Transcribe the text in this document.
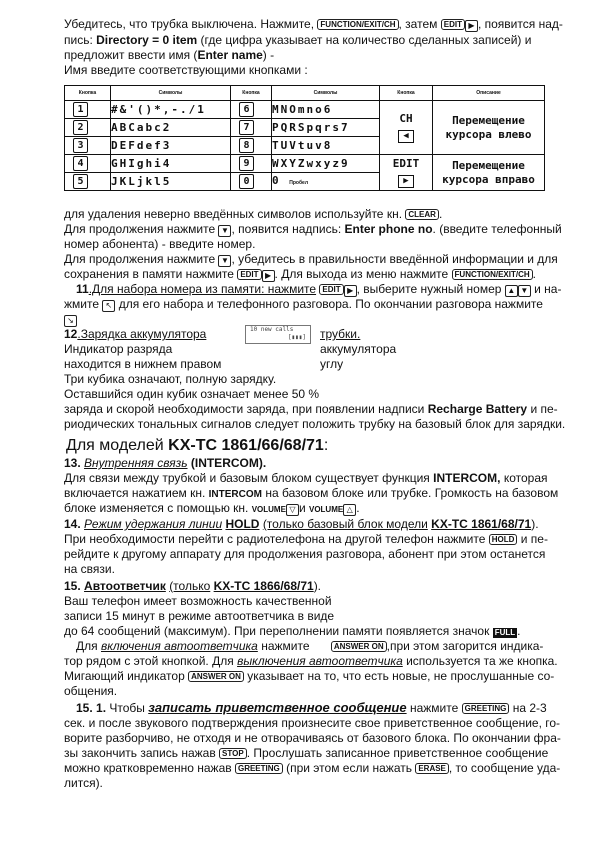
Убедитесь, что трубка выключена. Нажмите, FUNCTION/EXIT/CH , затем EDIT ▶ , появится над-
пись: Directory = 0 item (где цифра указывает на количество сделанных записей) и
предложит ввести имя (Enter name) -
Имя введите соответствующими кнопками :
Кнопка	Символы	Кнопка	Символы	Кнопка	Описание
1	#&'()*,-./1	6	MNOmno6	CH
◀	Перемещение курсора влево
2	ABCabc2	7	PQRSpqrs7		
3	DEFdef3	8	TUVtuv8		
4	GHIghi4	9	WXYZwxyz9	EDIT
▶	Перемещение курсора вправо
5	JKLjkl5	0	0 Пробел		
для удаления неверно введённых символов используйте кн. CLEAR .
Для продолжения нажмите ▼ , появится надпись: Enter phone no. (введите телефонный
номер абонента) - введите номер.
Для продолжения нажмите ▼ , убедитесь в правильности введённой информации и для
сохранения в памяти нажмите EDIT ▶ . Для выхода из меню нажмите FUNCTION/EXIT/CH .
11.Для набора номера из памяти: нажмите EDIT ▶ , выберите нужный номер ▲ ▼ и на-
жмите ↖ для его набора и телефонного разговора. По окончании разговора нажмите
↘
12.Зарядка аккумулятора	трубки.
Индикатор разряда	аккумулятора
10 new calls
[▮▮▮]
находится в нижнем правом	углу
Три кубика означают, полную зарядку.
Оставшийся один кубик означает менее 50 %
заряда и скорой необходимости заряда, при появлении надписи Recharge Battery и пе-
риодических тональных сигналов следует положить трубку на базовый блок для зарядки.
Для моделей KX-TC 1861/66/68/71:
13. Внутренняя связь (INTERCOM).
Для связи между трубкой и базовым блоком существует функция INTERCOM, которая
включается нажатием кн. INTERCOM на базовом блоке или трубке. Громкость на базовом
блоке изменяется с помощью кн. VOLUME ▽ и VOLUME △ .
14. Режим удержания линии HOLD (только базовый блок модели KX-TC 1861/68/71).
При необходимости перейти с радиотелефона на другой телефон нажмите HOLD и пе-
рейдите к другому аппарату для продолжения разговора, абонент при этом останется
на связи.
15. Автоответчик (только KX-TC 1866/68/71).
Ваш телефон имеет возможность качественной
записи 15 минут в режиме автоответчика в виде
до 64 сообщений (максимум). При переполнении памяти появляется значок FULL .
Для включения автоответчика нажмите	ANSWER ON ,при этом загорится индика-
тор рядом с этой кнопкой. Для выключения автоответчика используется та же кнопка.
Мигающий индикатор ANSWER ON указывает на то, что есть новые, не прослушанные со-
общения.
15. 1. Чтобы записать приветственное сообщение нажмите GREETING на 2-3
сек. и после звукового подтверждения произнесите свое приветственное сообщение, го-
ворите разборчиво, не отходя и не отворачиваясь от базового блока. По окончании фра-
зы закончить запись нажав STOP . Прослушать записанное приветственное сообщение
можно кратковременно нажав GREETING (при этом если нажать ERASE , то сообщение уда-
лится).
